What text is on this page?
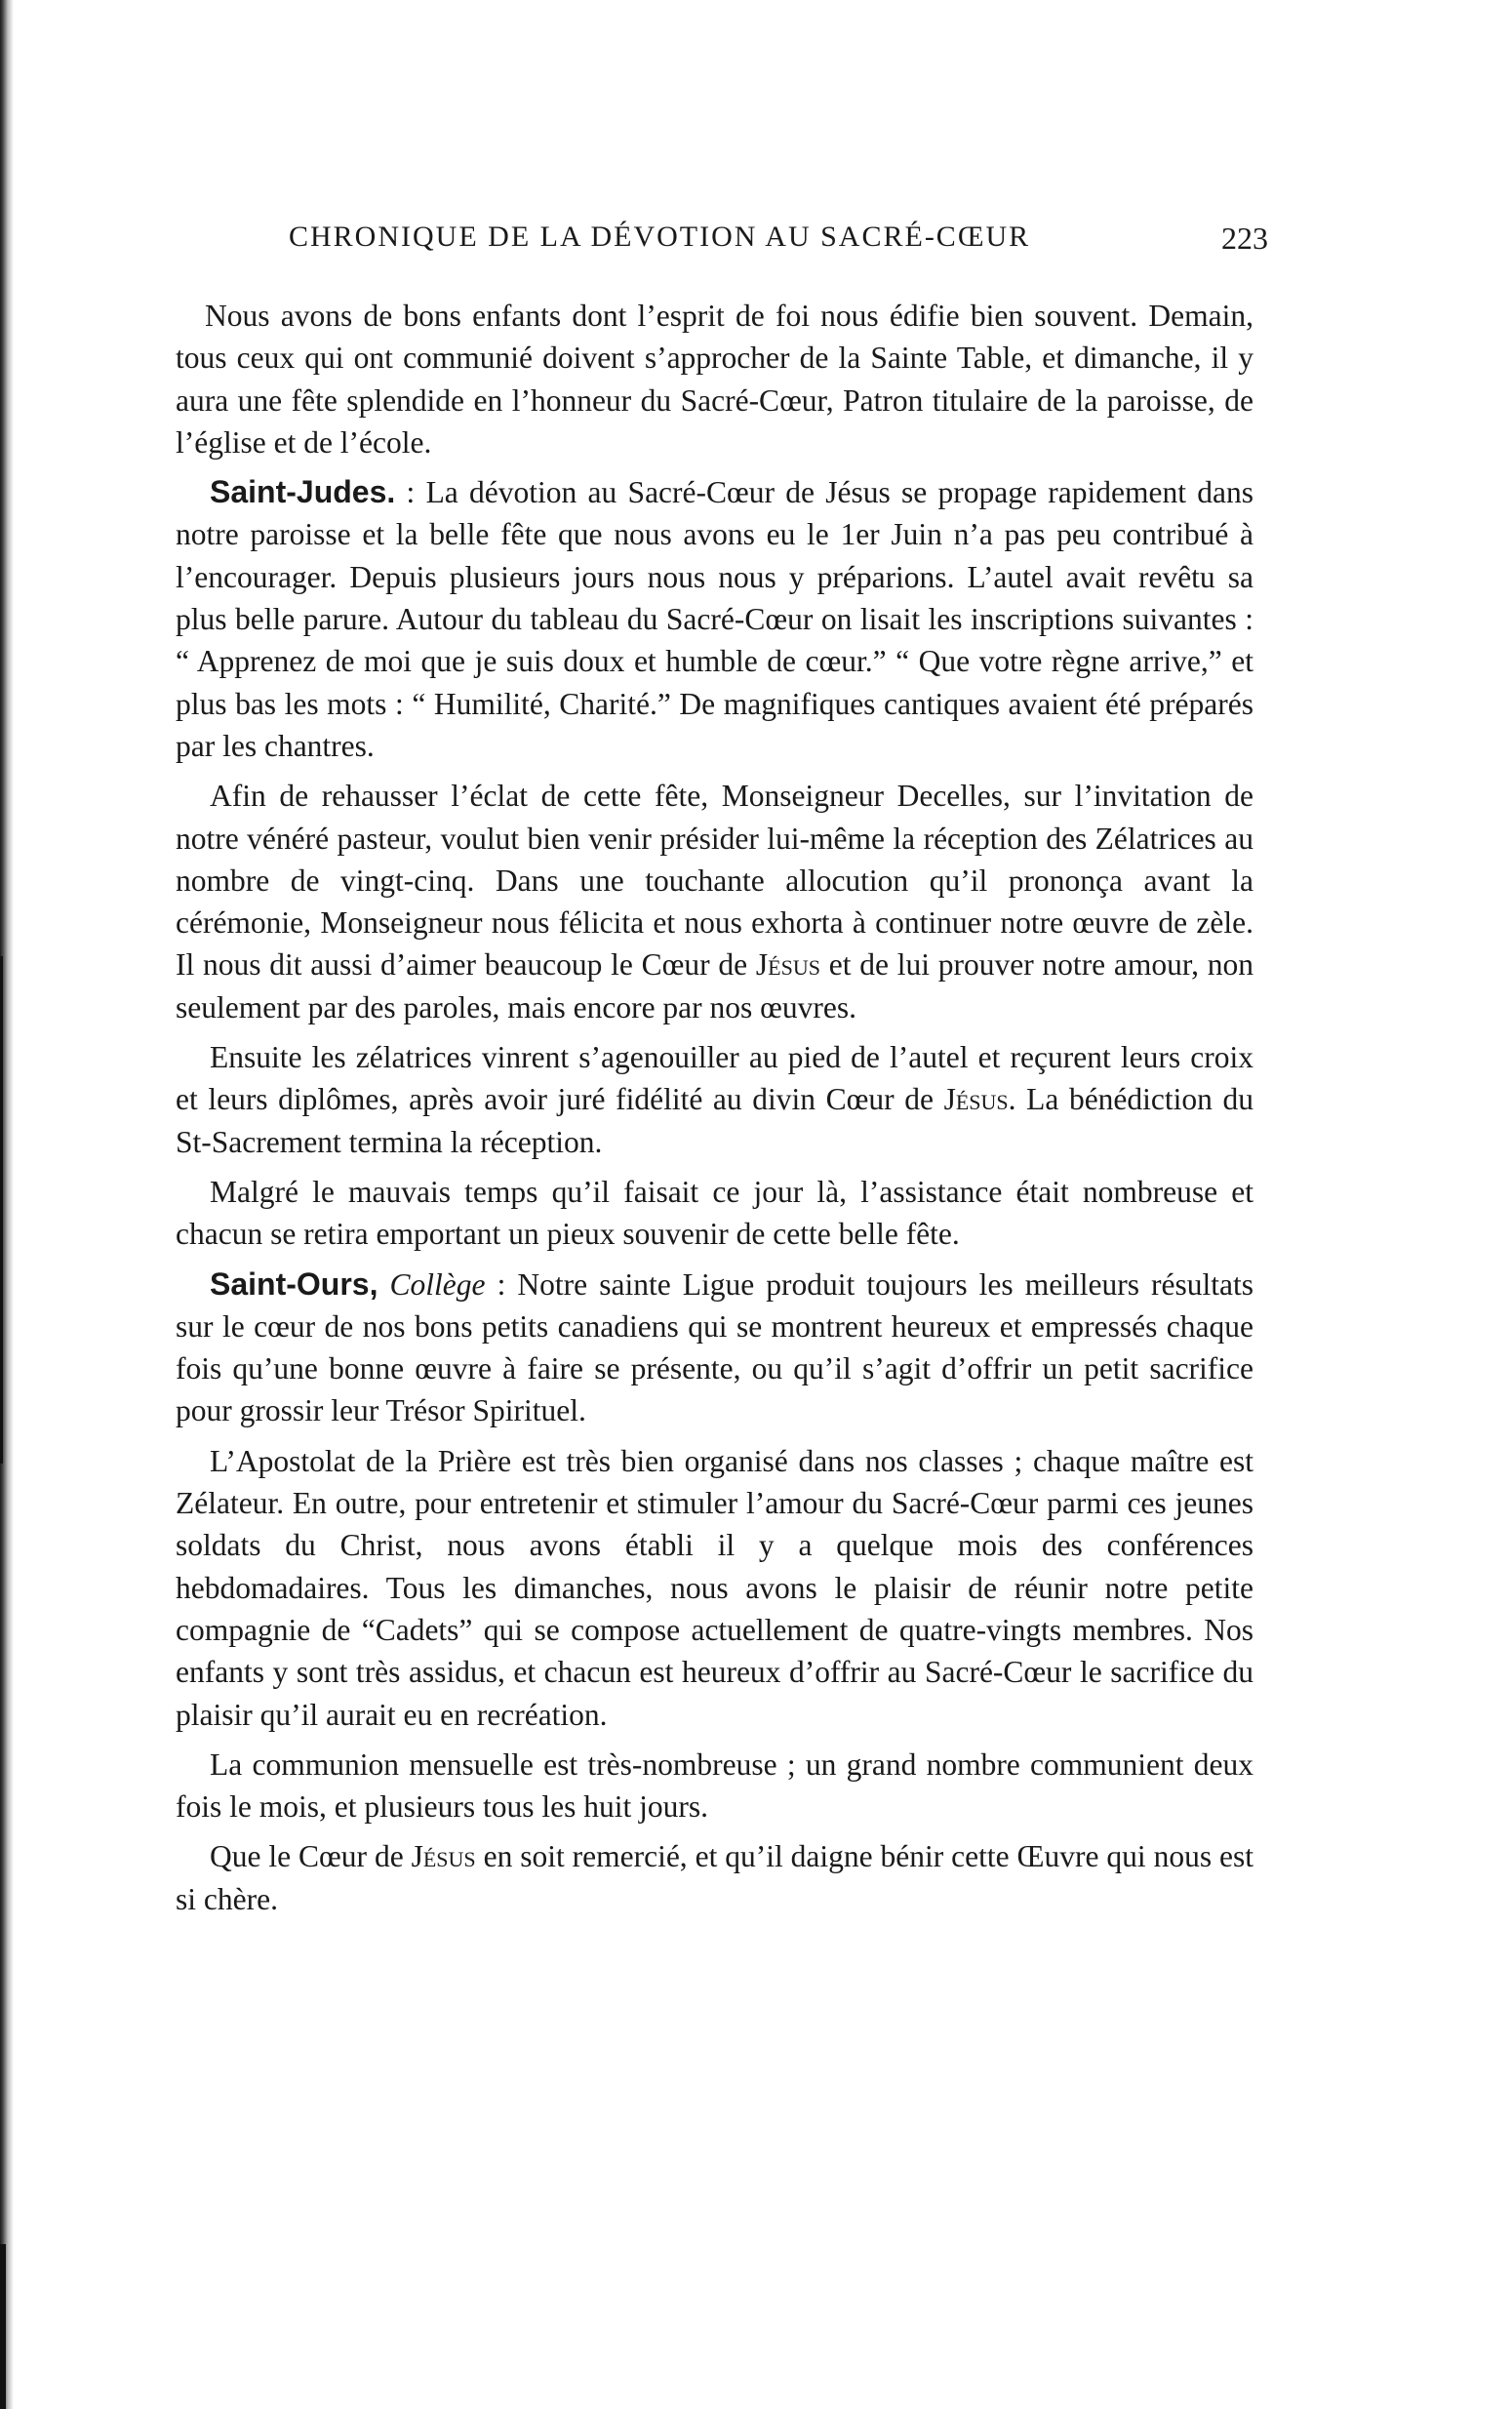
CHRONIQUE DE LA DÉVOTION AU SACRÉ-CŒUR	223

Nous avons de bons enfants dont l’esprit de foi nous édifie bien souvent. Demain, tous ceux qui ont communié doivent s’approcher de la Sainte Table, et dimanche, il y aura une fête splendide en l’honneur du Sacré-Cœur, Patron titulaire de la paroisse, de l’église et de l’école.

Saint-Judes. : La dévotion au Sacré-Cœur de Jésus se propage rapidement dans notre paroisse et la belle fête que nous avons eu le 1er Juin n’a pas peu contribué à l’encourager. Depuis plusieurs jours nous nous y préparions. L’autel avait revêtu sa plus belle parure. Autour du tableau du Sacré-Cœur on lisait les inscriptions suivantes : “ Apprenez de moi que je suis doux et humble de cœur.” “ Que votre règne arrive,” et plus bas les mots : “ Humilité, Charité.” De magnifiques cantiques avaient été préparés par les chantres.

Afin de rehausser l’éclat de cette fête, Monseigneur Decelles, sur l’invitation de notre vénéré pasteur, voulut bien venir présider lui-même la réception des Zélatrices au nombre de vingt-cinq. Dans une touchante allocution qu’il prononça avant la cérémonie, Monseigneur nous félicita et nous exhorta à continuer notre œuvre de zèle. Il nous dit aussi d’aimer beaucoup le Cœur de Jésus et de lui prouver notre amour, non seulement par des paroles, mais encore par nos œuvres.

Ensuite les zélatrices vinrent s’agenouiller au pied de l’autel et reçurent leurs croix et leurs diplômes, après avoir juré fidélité au divin Cœur de Jésus. La bénédiction du St-Sacrement termina la réception.

Malgré le mauvais temps qu’il faisait ce jour là, l’assistance était nombreuse et chacun se retira emportant un pieux souvenir de cette belle fête.

Saint-Ours, Collège : Notre sainte Ligue produit toujours les meilleurs résultats sur le cœur de nos bons petits canadiens qui se montrent heureux et empressés chaque fois qu’une bonne œuvre à faire se présente, ou qu’il s’agit d’offrir un petit sacrifice pour grossir leur Trésor Spirituel.

L’Apostolat de la Prière est très bien organisé dans nos classes ; chaque maître est Zélateur. En outre, pour entretenir et stimuler l’amour du Sacré-Cœur parmi ces jeunes soldats du Christ, nous avons établi il y a quelque mois des conférences hebdomadaires. Tous les dimanches, nous avons le plaisir de réunir notre petite compagnie de “Cadets” qui se compose actuellement de quatre-vingts membres. Nos enfants y sont très assidus, et chacun est heureux d’offrir au Sacré-Cœur le sacrifice du plaisir qu’il aurait eu en recréation.

La communion mensuelle est très-nombreuse ; un grand nombre communient deux fois le mois, et plusieurs tous les huit jours.

Que le Cœur de Jésus en soit remercié, et qu’il daigne bénir cette Œuvre qui nous est si chère.
